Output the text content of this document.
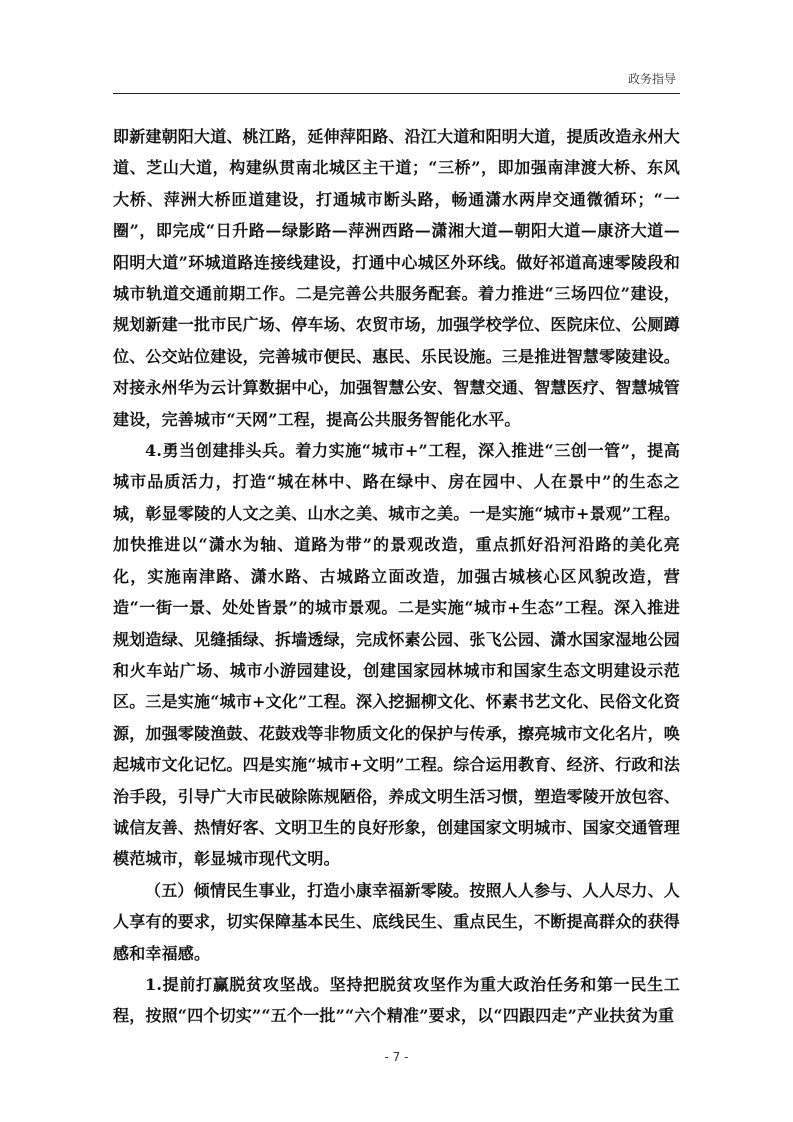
政务指导

即新建朝阳大道、桃江路，延伸萍阳路、沿江大道和阳明大道，提质改造永州大道、芝山大道，构建纵贯南北城区主干道；“三桥”，即加强南津渡大桥、东风大桥、萍洲大桥匝道建设，打通城市断头路，畅通潇水两岸交通微循环；“一圈”，即完成“日升路—绿影路—萍洲西路—潇湘大道—朝阳大道—康济大道—阳明大道”环城道路连接线建设，打通中心城区外环线。做好祁道高速零陵段和城市轨道交通前期工作。二是完善公共服务配套。着力推进“三场四位”建设，规划新建一批市民广场、停车场、农贸市场，加强学校学位、医院床位、公厕蹲位、公交站位建设，完善城市便民、惠民、乐民设施。三是推进智慧零陵建设。对接永州华为云计算数据中心，加强智慧公安、智慧交通、智慧医疗、智慧城管建设，完善城市“天网”工程，提高公共服务智能化水平。

4.勇当创建排头兵。着力实施“城市+”工程，深入推进“三创一管”，提高城市品质活力，打造“城在林中、路在绿中、房在园中、人在景中”的生态之城，彰显零陵的人文之美、山水之美、城市之美。一是实施“城市+景观”工程。加快推进以“潇水为轴、道路为带”的景观改造，重点抓好沿河沿路的美化亮化，实施南津路、潇水路、古城路立面改造，加强古城核心区风貌改造，营造“一街一景、处处皆景”的城市景观。二是实施“城市+生态”工程。深入推进规划造绿、见缝插绿、拆墙透绿，完成怀素公园、张飞公园、潇水国家湿地公园和火车站广场、城市小游园建设，创建国家园林城市和国家生态文明建设示范区。三是实施“城市+文化”工程。深入挖掘柳文化、怀素书艺文化、民俗文化资源，加强零陵渔鼓、花鼓戏等非物质文化的保护与传承，擦亮城市文化名片，唤起城市文化记忆。四是实施“城市+文明”工程。综合运用教育、经济、行政和法治手段，引导广大市民破除陈规陋俗，养成文明生活习惯，塑造零陵开放包容、诚信友善、热情好客、文明卫生的良好形象，创建国家文明城市、国家交通管理模范城市，彰显城市现代文明。

（五）倾情民生事业，打造小康幸福新零陵。按照人人参与、人人尽力、人人享有的要求，切实保障基本民生、底线民生、重点民生，不断提高群众的获得感和幸福感。

1.提前打赢脱贫攻坚战。坚持把脱贫攻坚作为重大政治任务和第一民生工程，按照“四个切实”“五个一批”“六个精准”要求，以“四跟四走”产业扶贫为重

- 7 -
